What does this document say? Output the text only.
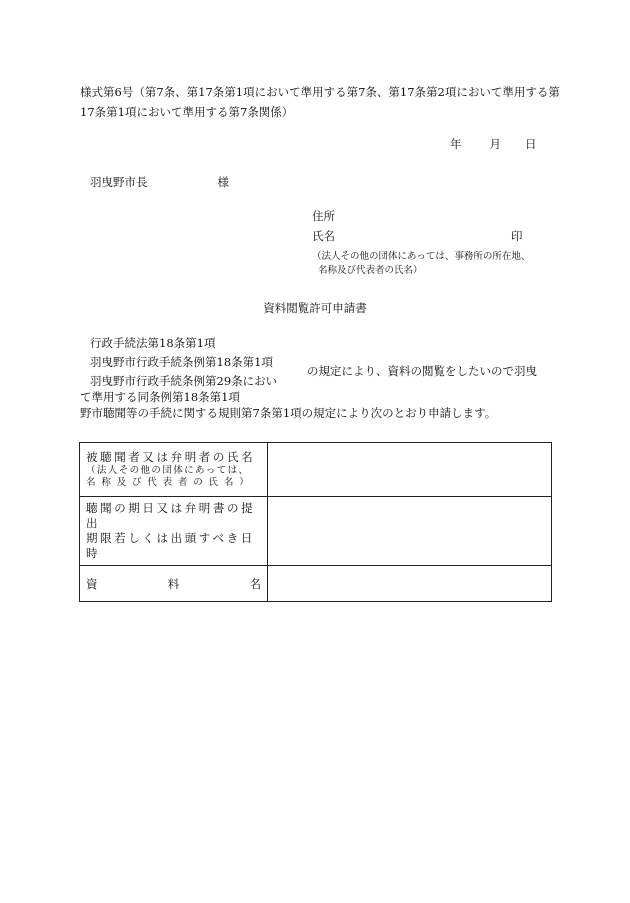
様式第6号（第7条、第17条第1項において準用する第7条、第17条第2項において準用する第17条第1項において準用する第7条関係）
年 月 日
羽曳野市長	様
住所
氏名	印
（法人その他の団体にあっては、事務所の所在地、
名称及び代表者の氏名）
資料閲覧許可申請書
行政手続法第18条第1項
羽曳野市行政手続条例第18条第1項
羽曳野市行政手続条例第29条におい
て準用する同条例第18条第1項
の規定により、資料の閲覧をしたいので羽曳
野市聴聞等の手続に関する規則第7条第1項の規定により次のとおり申請します。
被聴聞者又は弁明者の氏名
（法人その他の団体にあっては、
名 称 及 び 代 表 者 の 氏 名 ）	

聴聞の期日又は弁明書の提出
期限若しくは出頭すべき日時	

資 料 名	
